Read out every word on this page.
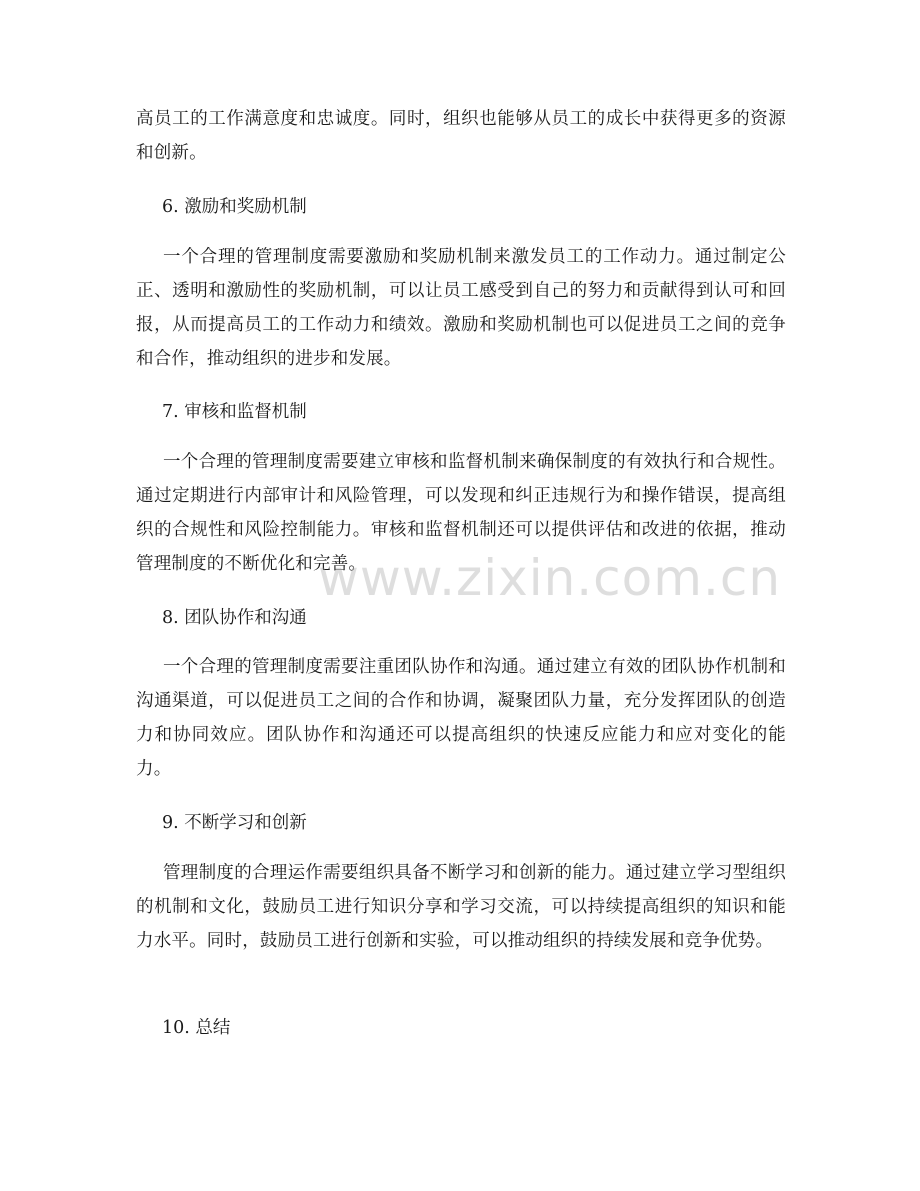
高员工的工作满意度和忠诚度。同时，组织也能够从员工的成长中获得更多的资源和创新。

6. 激励和奖励机制

一个合理的管理制度需要激励和奖励机制来激发员工的工作动力。通过制定公正、透明和激励性的奖励机制，可以让员工感受到自己的努力和贡献得到认可和回报，从而提高员工的工作动力和绩效。激励和奖励机制也可以促进员工之间的竞争和合作，推动组织的进步和发展。

7. 审核和监督机制

一个合理的管理制度需要建立审核和监督机制来确保制度的有效执行和合规性。通过定期进行内部审计和风险管理，可以发现和纠正违规行为和操作错误，提高组织的合规性和风险控制能力。审核和监督机制还可以提供评估和改进的依据，推动管理制度的不断优化和完善。

8. 团队协作和沟通

一个合理的管理制度需要注重团队协作和沟通。通过建立有效的团队协作机制和沟通渠道，可以促进员工之间的合作和协调，凝聚团队力量，充分发挥团队的创造力和协同效应。团队协作和沟通还可以提高组织的快速反应能力和应对变化的能力。

9. 不断学习和创新

管理制度的合理运作需要组织具备不断学习和创新的能力。通过建立学习型组织的机制和文化，鼓励员工进行知识分享和学习交流，可以持续提高组织的知识和能力水平。同时，鼓励员工进行创新和实验，可以推动组织的持续发展和竞争优势。

10. 总结
www.zixin.com.cn
